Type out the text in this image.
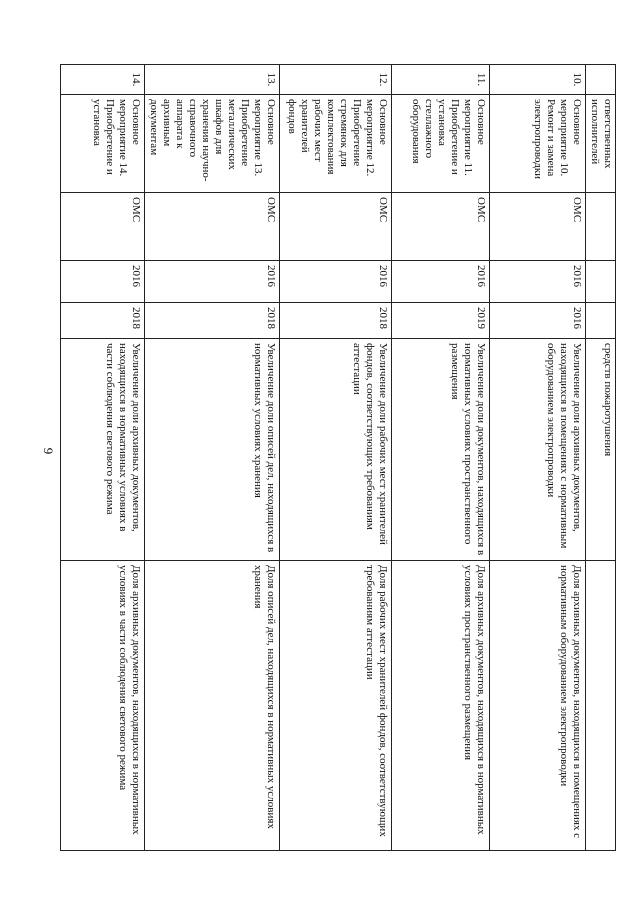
9
	ответственных исполнителей				средств пожаротушения	
10.	Основное мероприятие 10. Ремонт и замена электропроводки	ОМС	2016	2016	Увеличение доли архивных документов, находящихся в помещениях с нормативным оборудованием электропроводки	Доля архивных документов, находящихся в помещениях с нормативным оборудованием электропроводки
11.	Основное мероприятие 11. Приобретение и установка стеллажного оборудования	ОМС	2016	2019	Увеличение доли документов, находящихся в нормативных условиях пространственного размещения	Доля архивных документов, находящихся в нормативных условиях пространственного размещения
12.	Основное мероприятие 12. Приобретение стремянок для комплектования рабочих мест хранителей фондов	ОМС	2016	2018	Увеличение доли рабочих мест хранителей фондов, соответствующих требованиям аттестации	Доля рабочих мест хранителей фондов, соответствующих требованиям аттестации
13.	Основное мероприятие 13. Приобретение металлических шкафов для хранения научно-справочного аппарата к архивным документам	ОМС	2016	2018	Увеличение доли описей дел, находящихся в нормативных условиях хранения	Доля описей дел, находящихся в нормативных условиях хранения
14.	Основное мероприятие 14. Приобретение и установка	ОМС	2016	2018	Увеличение доли архивных документов, находящихся в нормативных условиях в части соблюдения светового режима	Доля архивных документов, находящихся в нормативных условиях в части соблюдения светового режима
